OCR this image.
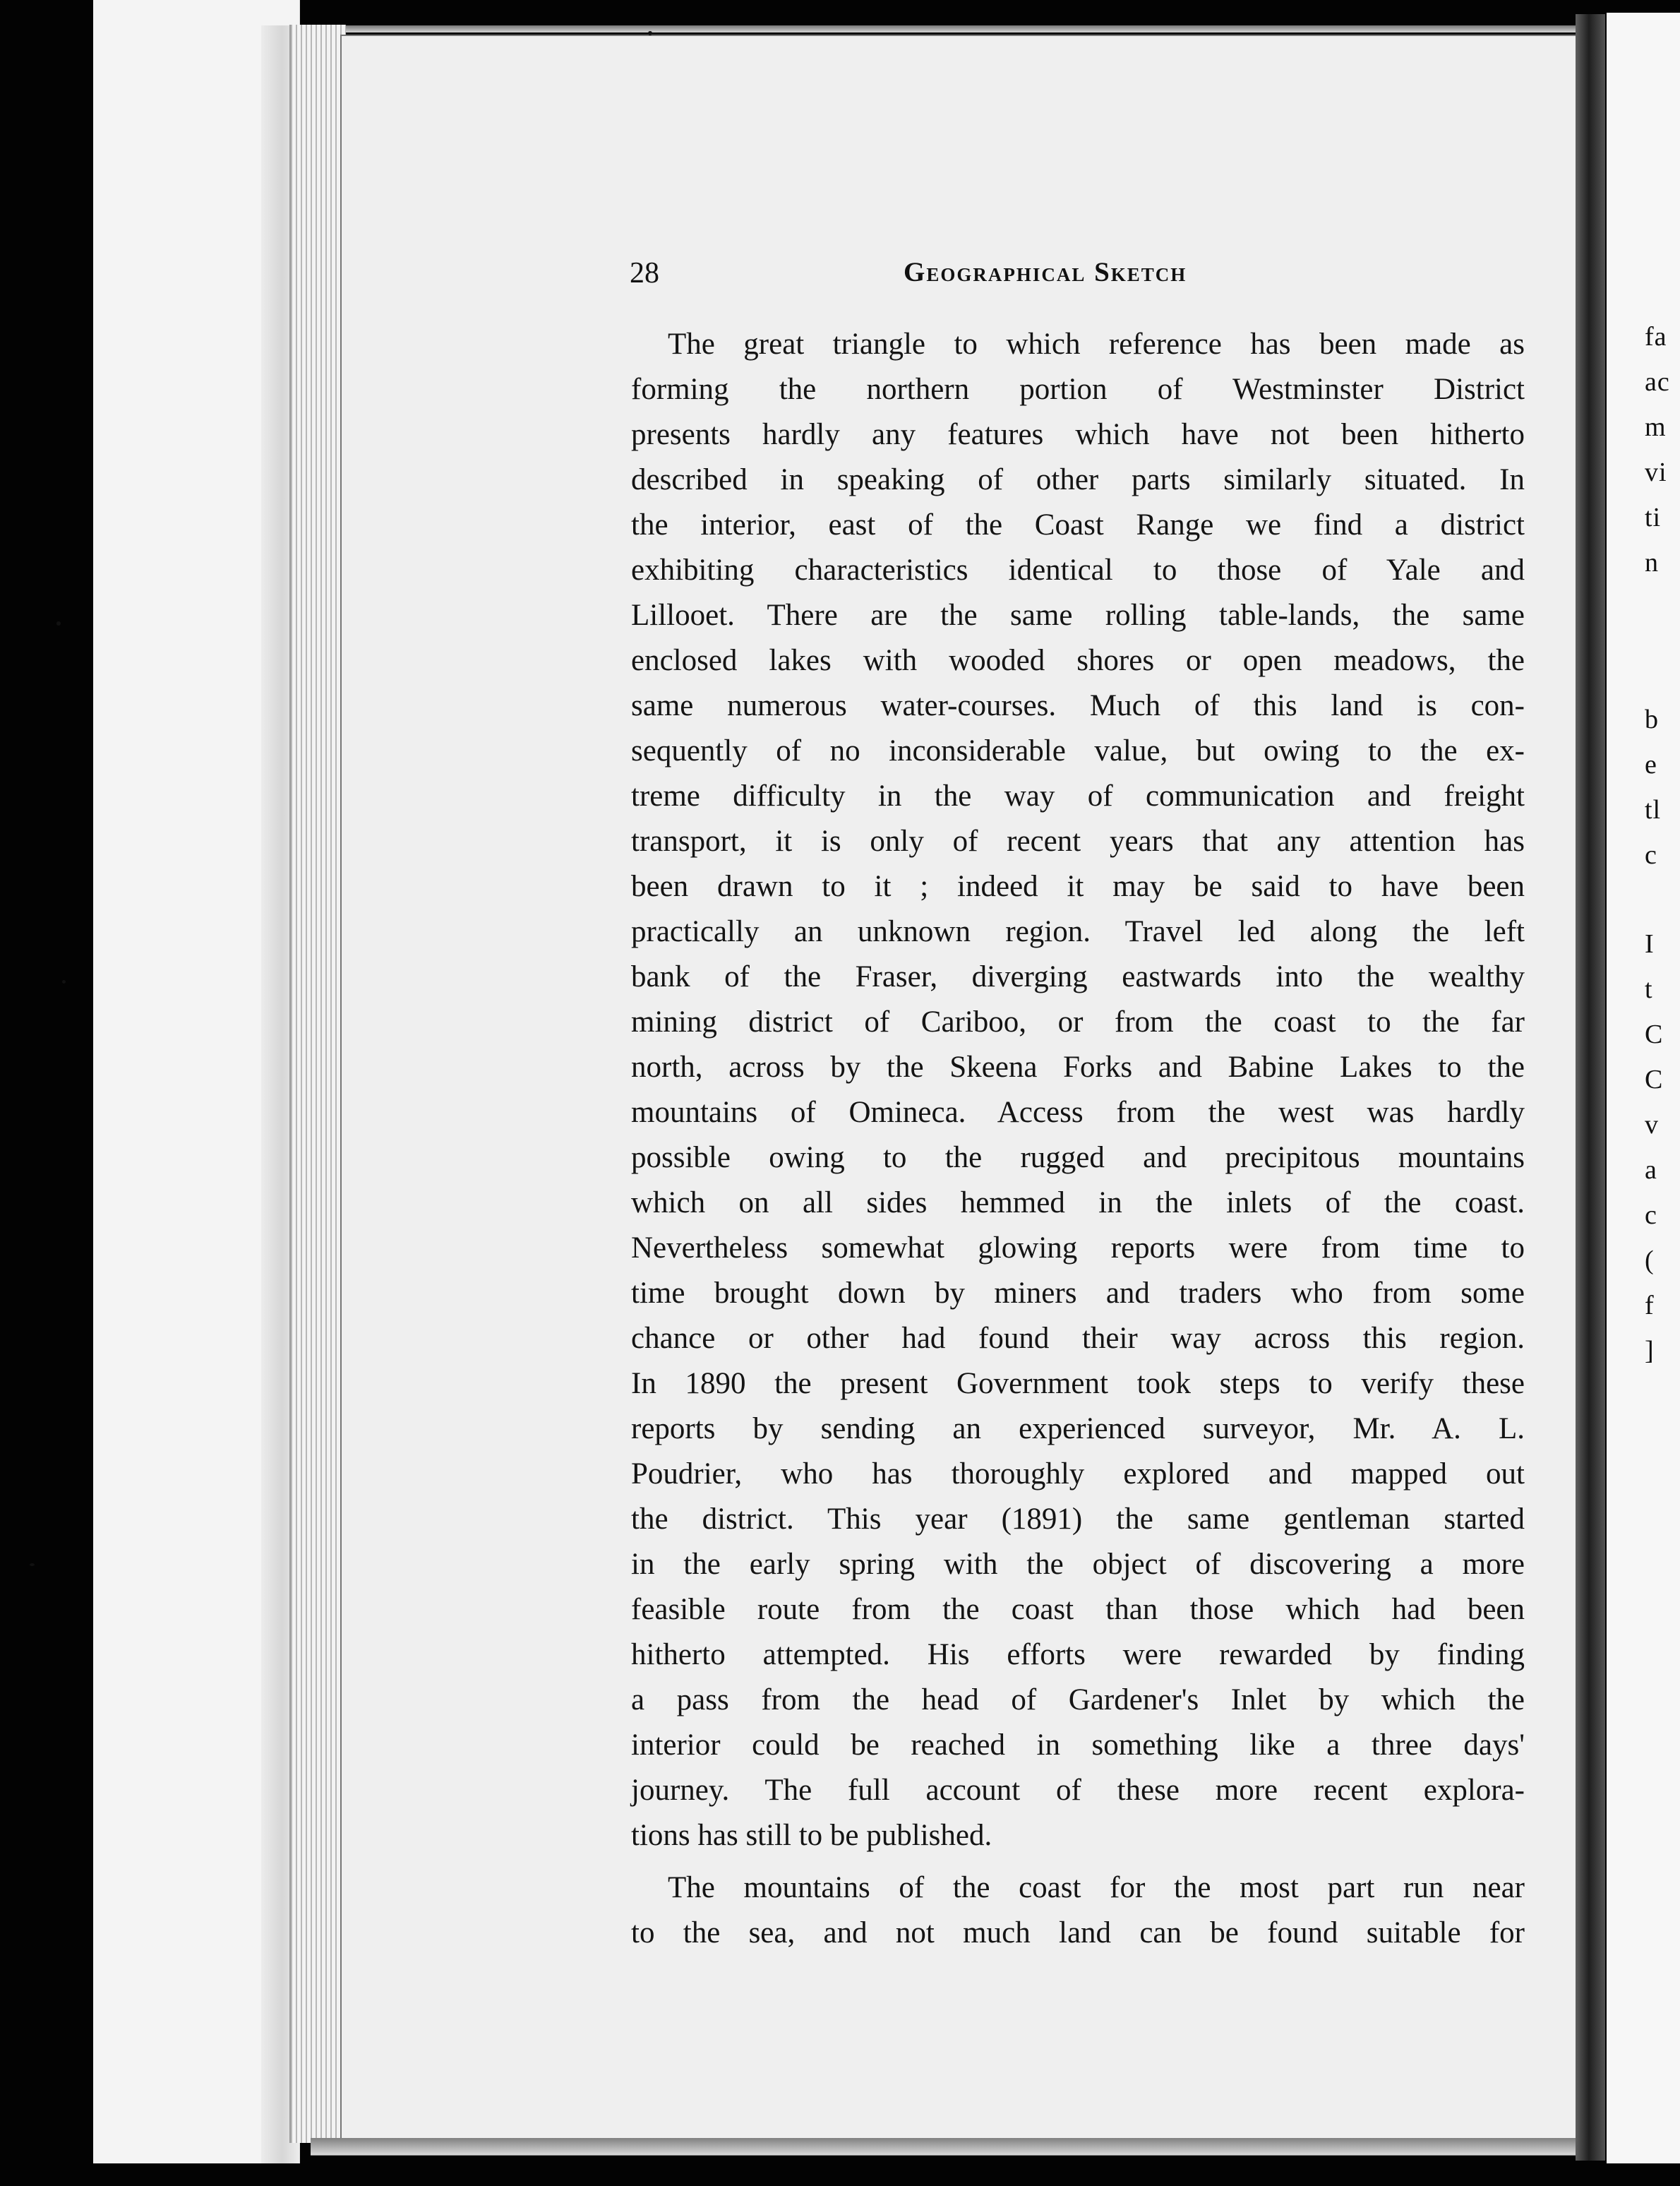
28	Geographical Sketch
The great triangle to which reference has been made as
forming the northern portion of Westminster District
presents hardly any features which have not been hitherto
described in speaking of other parts similarly situated. In
the interior, east of the Coast Range we find a district
exhibiting characteristics identical to those of Yale and
Lillooet. There are the same rolling table-lands, the same
enclosed lakes with wooded shores or open meadows, the
same numerous water-courses. Much of this land is con-
sequently of no inconsiderable value, but owing to the ex-
treme difficulty in the way of communication and freight
transport, it is only of recent years that any attention has
been drawn to it ; indeed it may be said to have been
practically an unknown region. Travel led along the left
bank of the Fraser, diverging eastwards into the wealthy
mining district of Cariboo, or from the coast to the far
north, across by the Skeena Forks and Babine Lakes to the
mountains of Omineca. Access from the west was hardly
possible owing to the rugged and precipitous mountains
which on all sides hemmed in the inlets of the coast.
Nevertheless somewhat glowing reports were from time to
time brought down by miners and traders who from some
chance or other had found their way across this region.
In 1890 the present Government took steps to verify these
reports by sending an experienced surveyor, Mr. A. L.
Poudrier, who has thoroughly explored and mapped out
the district. This year (1891) the same gentleman started
in the early spring with the object of discovering a more
feasible route from the coast than those which had been
hitherto attempted. His efforts were rewarded by finding
a pass from the head of Gardener's Inlet by which the
interior could be reached in something like a three days'
journey. The full account of these more recent explora-
tions has still to be published.
The mountains of the coast for the most part run near
to the sea, and not much land can be found suitable for
fa
ac
m
vi
ti
n
b
e
tl
c
I
t
C
C
v
a
c
(
f
]
